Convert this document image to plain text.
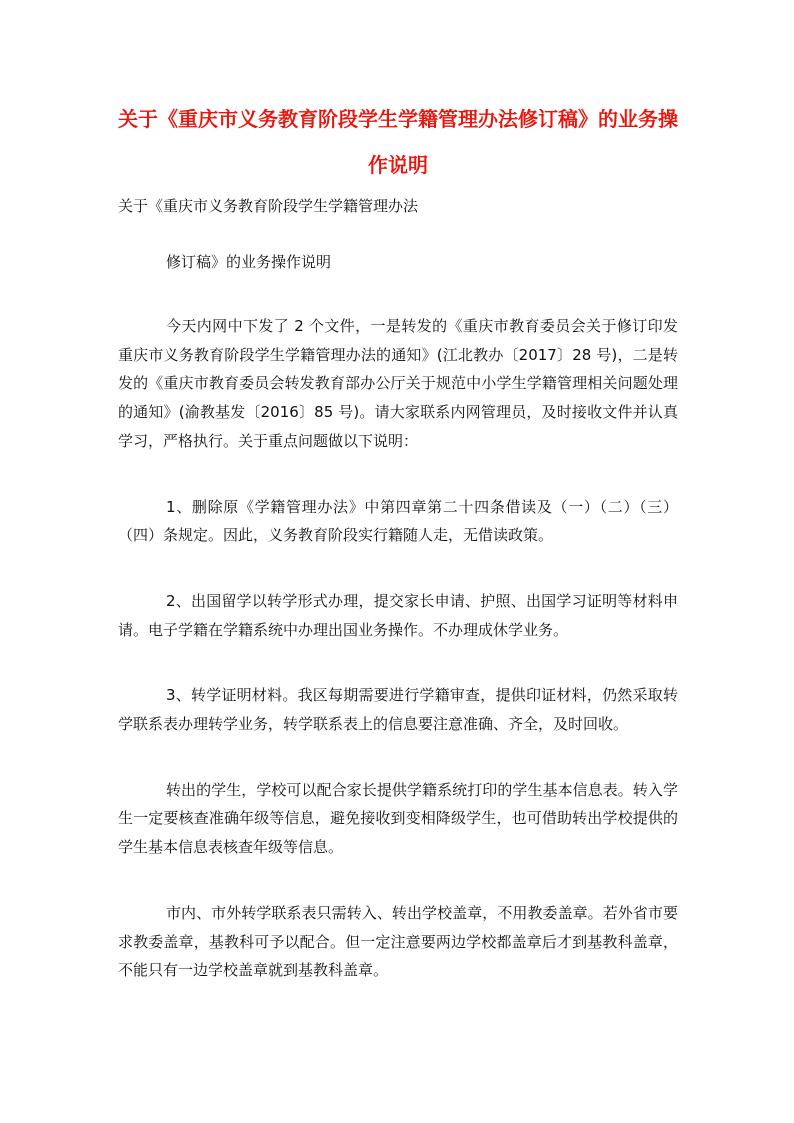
关于《重庆市义务教育阶段学生学籍管理办法修订稿》的业务操作说明

关于《重庆市义务教育阶段学生学籍管理办法

修订稿》的业务操作说明

今天内网中下发了 2 个文件，一是转发的《重庆市教育委员会关于修订印发重庆市义务教育阶段学生学籍管理办法的通知》(江北教办〔2017〕28 号)，二是转发的《重庆市教育委员会转发教育部办公厅关于规范中小学生学籍管理相关问题处理的通知》(渝教基发〔2016〕85 号)。请大家联系内网管理员，及时接收文件并认真学习，严格执行。关于重点问题做以下说明：

1、删除原《学籍管理办法》中第四章第二十四条借读及（一）（二）（三）（四）条规定。因此，义务教育阶段实行籍随人走，无借读政策。

2、出国留学以转学形式办理，提交家长申请、护照、出国学习证明等材料申请。电子学籍在学籍系统中办理出国业务操作。不办理成休学业务。

3、转学证明材料。我区每期需要进行学籍审查，提供印证材料，仍然采取转学联系表办理转学业务，转学联系表上的信息要注意准确、齐全，及时回收。

转出的学生，学校可以配合家长提供学籍系统打印的学生基本信息表。转入学生一定要核查准确年级等信息，避免接收到变相降级学生，也可借助转出学校提供的学生基本信息表核查年级等信息。

市内、市外转学联系表只需转入、转出学校盖章，不用教委盖章。若外省市要求教委盖章，基教科可予以配合。但一定注意要两边学校都盖章后才到基教科盖章，不能只有一边学校盖章就到基教科盖章。
